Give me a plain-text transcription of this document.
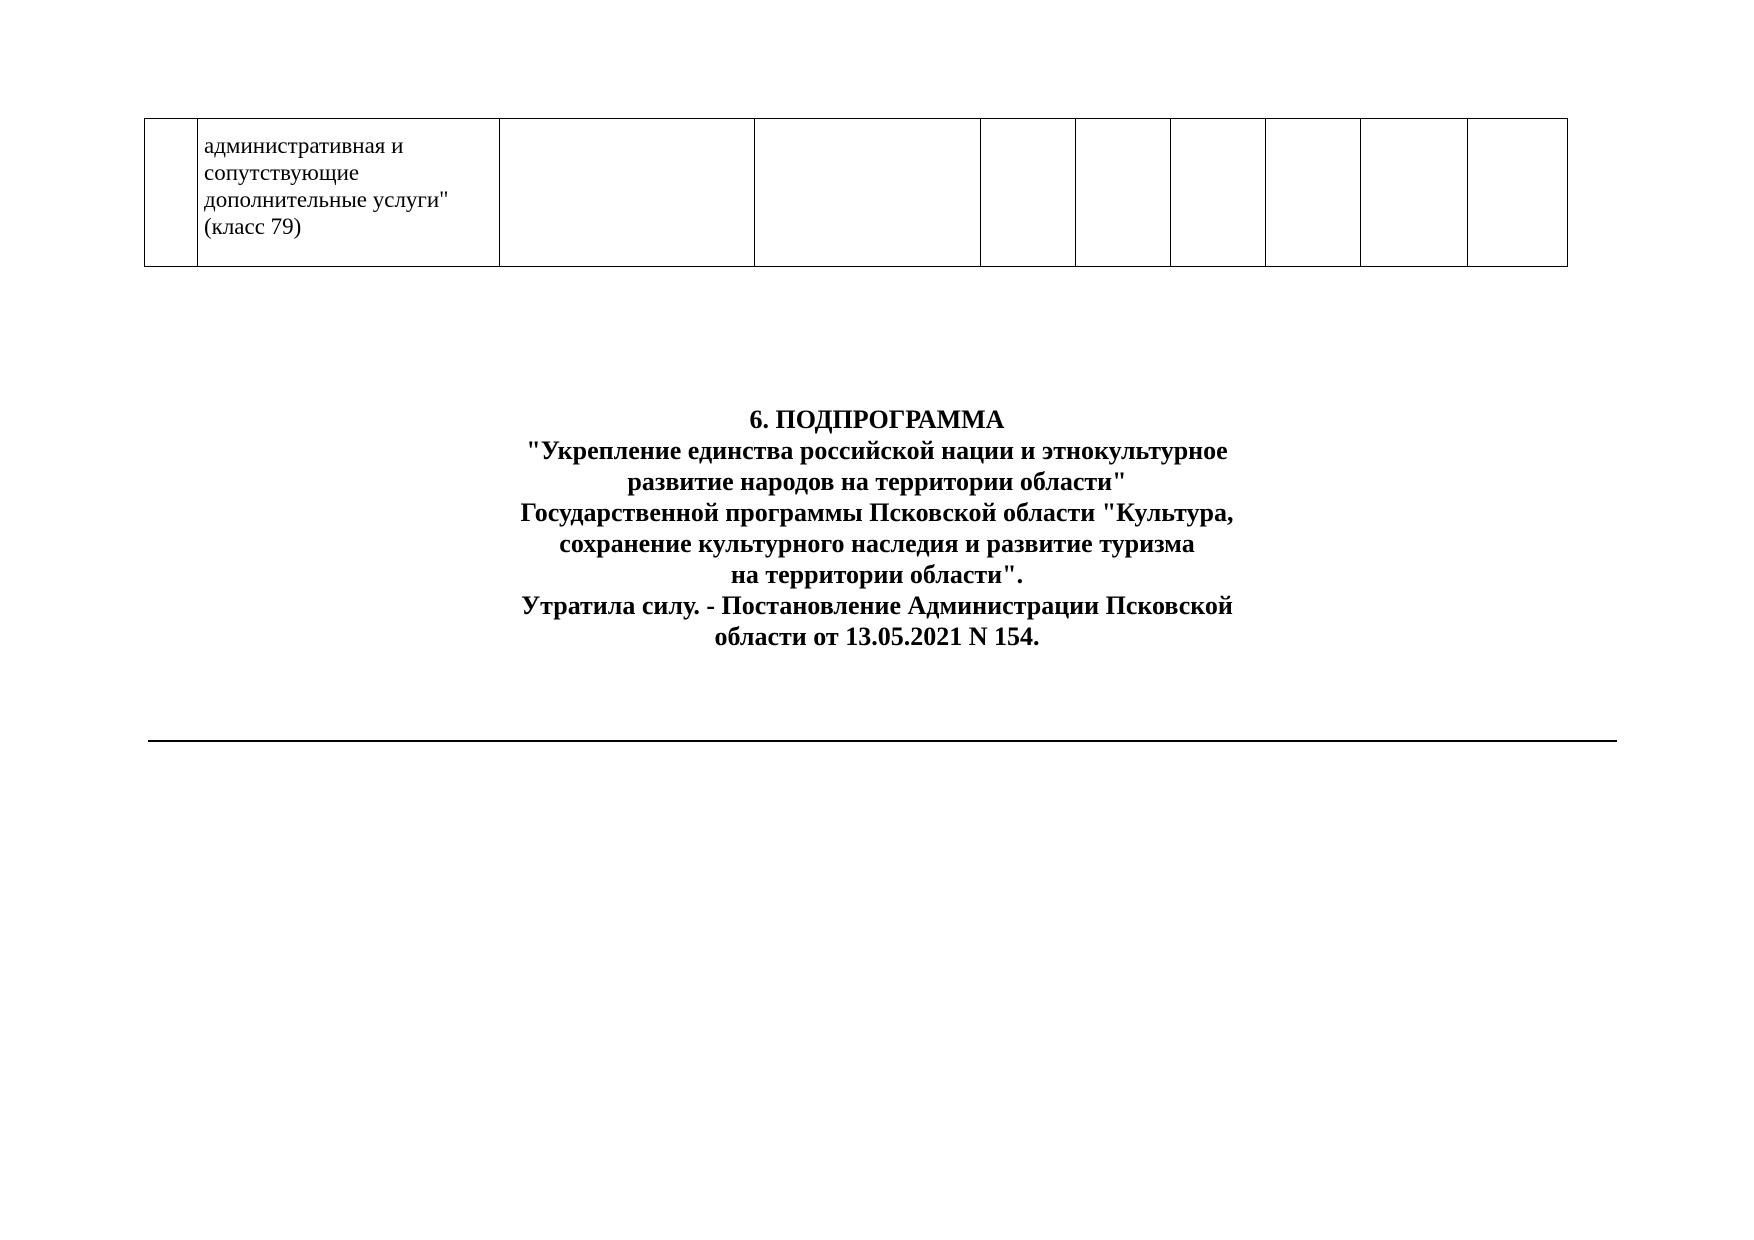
	административная и сопутствующие дополнительные услуги" (класс 79)								
6. ПОДПРОГРАММА
"Укрепление единства российской нации и этнокультурное
развитие народов на территории области"
Государственной программы Псковской области "Культура,
сохранение культурного наследия и развитие туризма
на территории области".
Утратила силу. - Постановление Администрации Псковской
области от 13.05.2021 N 154.
